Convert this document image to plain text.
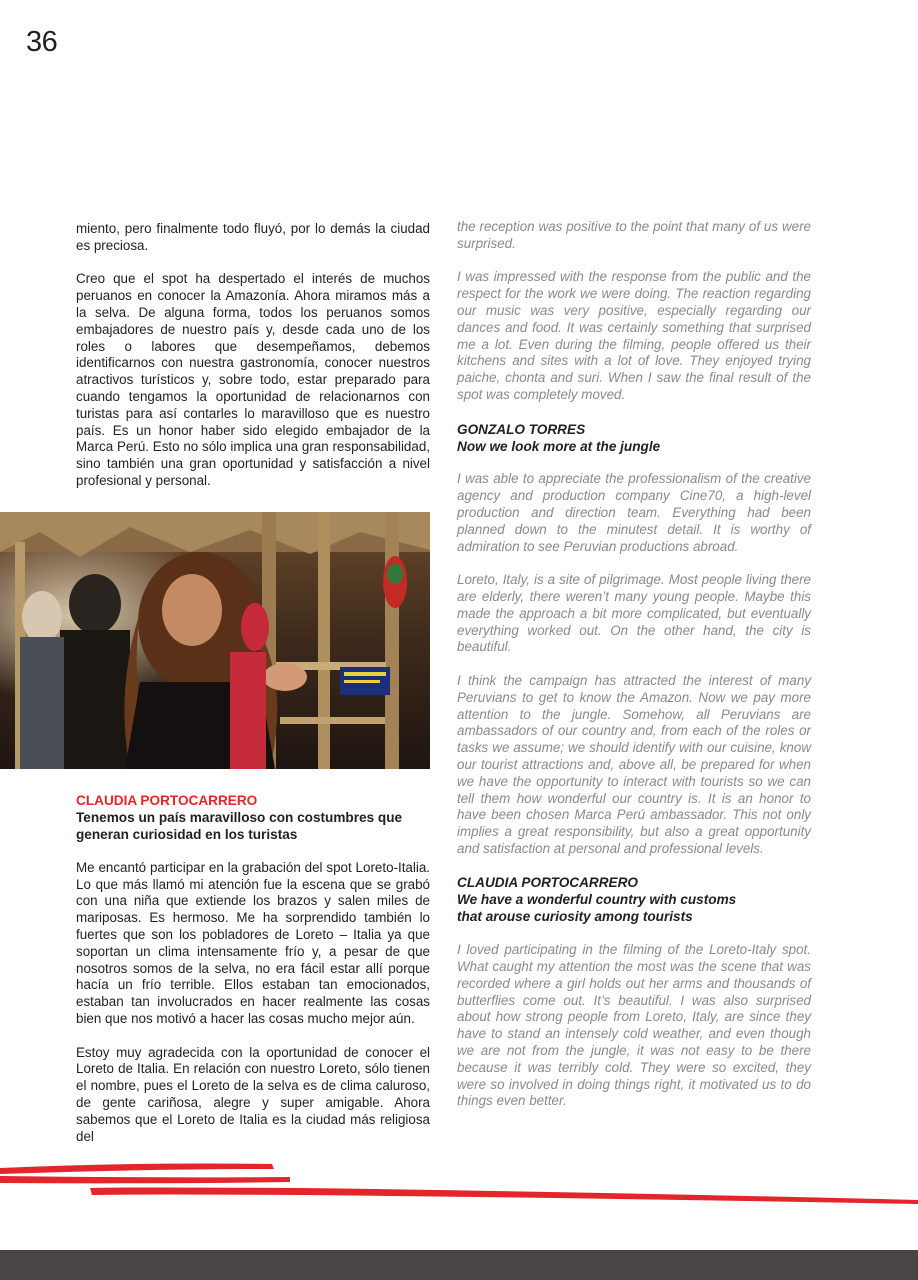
36

miento, pero finalmente todo fluyó, por lo demás la ciudad es preciosa.

Creo que el spot ha despertado el interés de muchos peruanos en conocer la Amazonía. Ahora miramos más a la selva. De alguna forma, todos los peruanos somos embajadores de nuestro país y, desde cada uno de los roles o labores que desempeñamos, debemos identificarnos con nuestra gastronomía, conocer nuestros atractivos turísticos y, sobre todo, estar preparado para cuando tengamos la oportunidad de relacionarnos con turistas para así contarles lo maravilloso que es nuestro país. Es un honor haber sido elegido embajador de la Marca Perú. Esto no sólo implica una gran responsabilidad, sino también una gran oportunidad y satisfacción a nivel profesional y personal.

CLAUDIA PORTOCARRERO
Tenemos un país maravilloso con costumbres que generan curiosidad en los turistas

Me encantó participar en la grabación del spot Loreto-Italia. Lo que más llamó mi atención fue la escena que se grabó con una niña que extiende los brazos y salen miles de mariposas. Es hermoso. Me ha sorprendido también lo fuertes que son los pobladores de Loreto – Italia ya que soportan un clima intensamente frío y, a pesar de que nosotros somos de la selva, no era fácil estar allí porque hacía un frío terrible. Ellos estaban tan emocionados, estaban tan involucrados en hacer realmente las cosas bien que nos motivó a hacer las cosas mucho mejor aún.

Estoy muy agradecida con la oportunidad de conocer el Loreto de Italia. En relación con nuestro Loreto, sólo tienen el nombre, pues el Loreto de la selva es de clima caluroso, de gente cariñosa, alegre y super amigable. Ahora sabemos que el Loreto de Italia es la ciudad más religiosa del

the reception was positive to the point that many of us were surprised.

I was impressed with the response from the public and the respect for the work we were doing. The reaction regarding our music was very positive, especially regarding our dances and food. It was certainly something that surprised me a lot. Even during the filming, people offered us their kitchens and sites with a lot of love. They enjoyed trying paiche, chonta and suri. When I saw the final result of the spot was completely moved.

GONZALO TORRES
Now we look more at the jungle

I was able to appreciate the professionalism of the creative agency and production company Cine70, a high-level production and direction team. Everything had been planned down to the minutest detail. It is worthy of admiration to see Peruvian productions abroad.

Loreto, Italy, is a site of pilgrimage. Most people living there are elderly, there weren’t many young people. Maybe this made the approach a bit more complicated, but eventually everything worked out. On the other hand, the city is beautiful.

I think the campaign has attracted the interest of many Peruvians to get to know the Amazon. Now we pay more attention to the jungle. Somehow, all Peruvians are ambassadors of our country and, from each of the roles or tasks we assume; we should identify with our cuisine, know our tourist attractions and, above all, be prepared for when we have the opportunity to interact with tourists so we can tell them how wonderful our country is. It is an honor to have been chosen Marca Perú ambassador. This not only implies a great responsibility, but also a great opportunity and satisfaction at personal and professional levels.

CLAUDIA PORTOCARRERO
We have a wonderful country with customs
that arouse curiosity among tourists

I loved participating in the filming of the Loreto-Italy spot. What caught my attention the most was the scene that was recorded where a girl holds out her arms and thousands of butterflies come out. It’s beautiful. I was also surprised about how strong people from Loreto, Italy, are since they have to stand an intensely cold weather, and even though we are not from the jungle, it was not easy to be there because it was terribly cold. They were so excited, they were so involved in doing things right, it motivated us to do things even better.
